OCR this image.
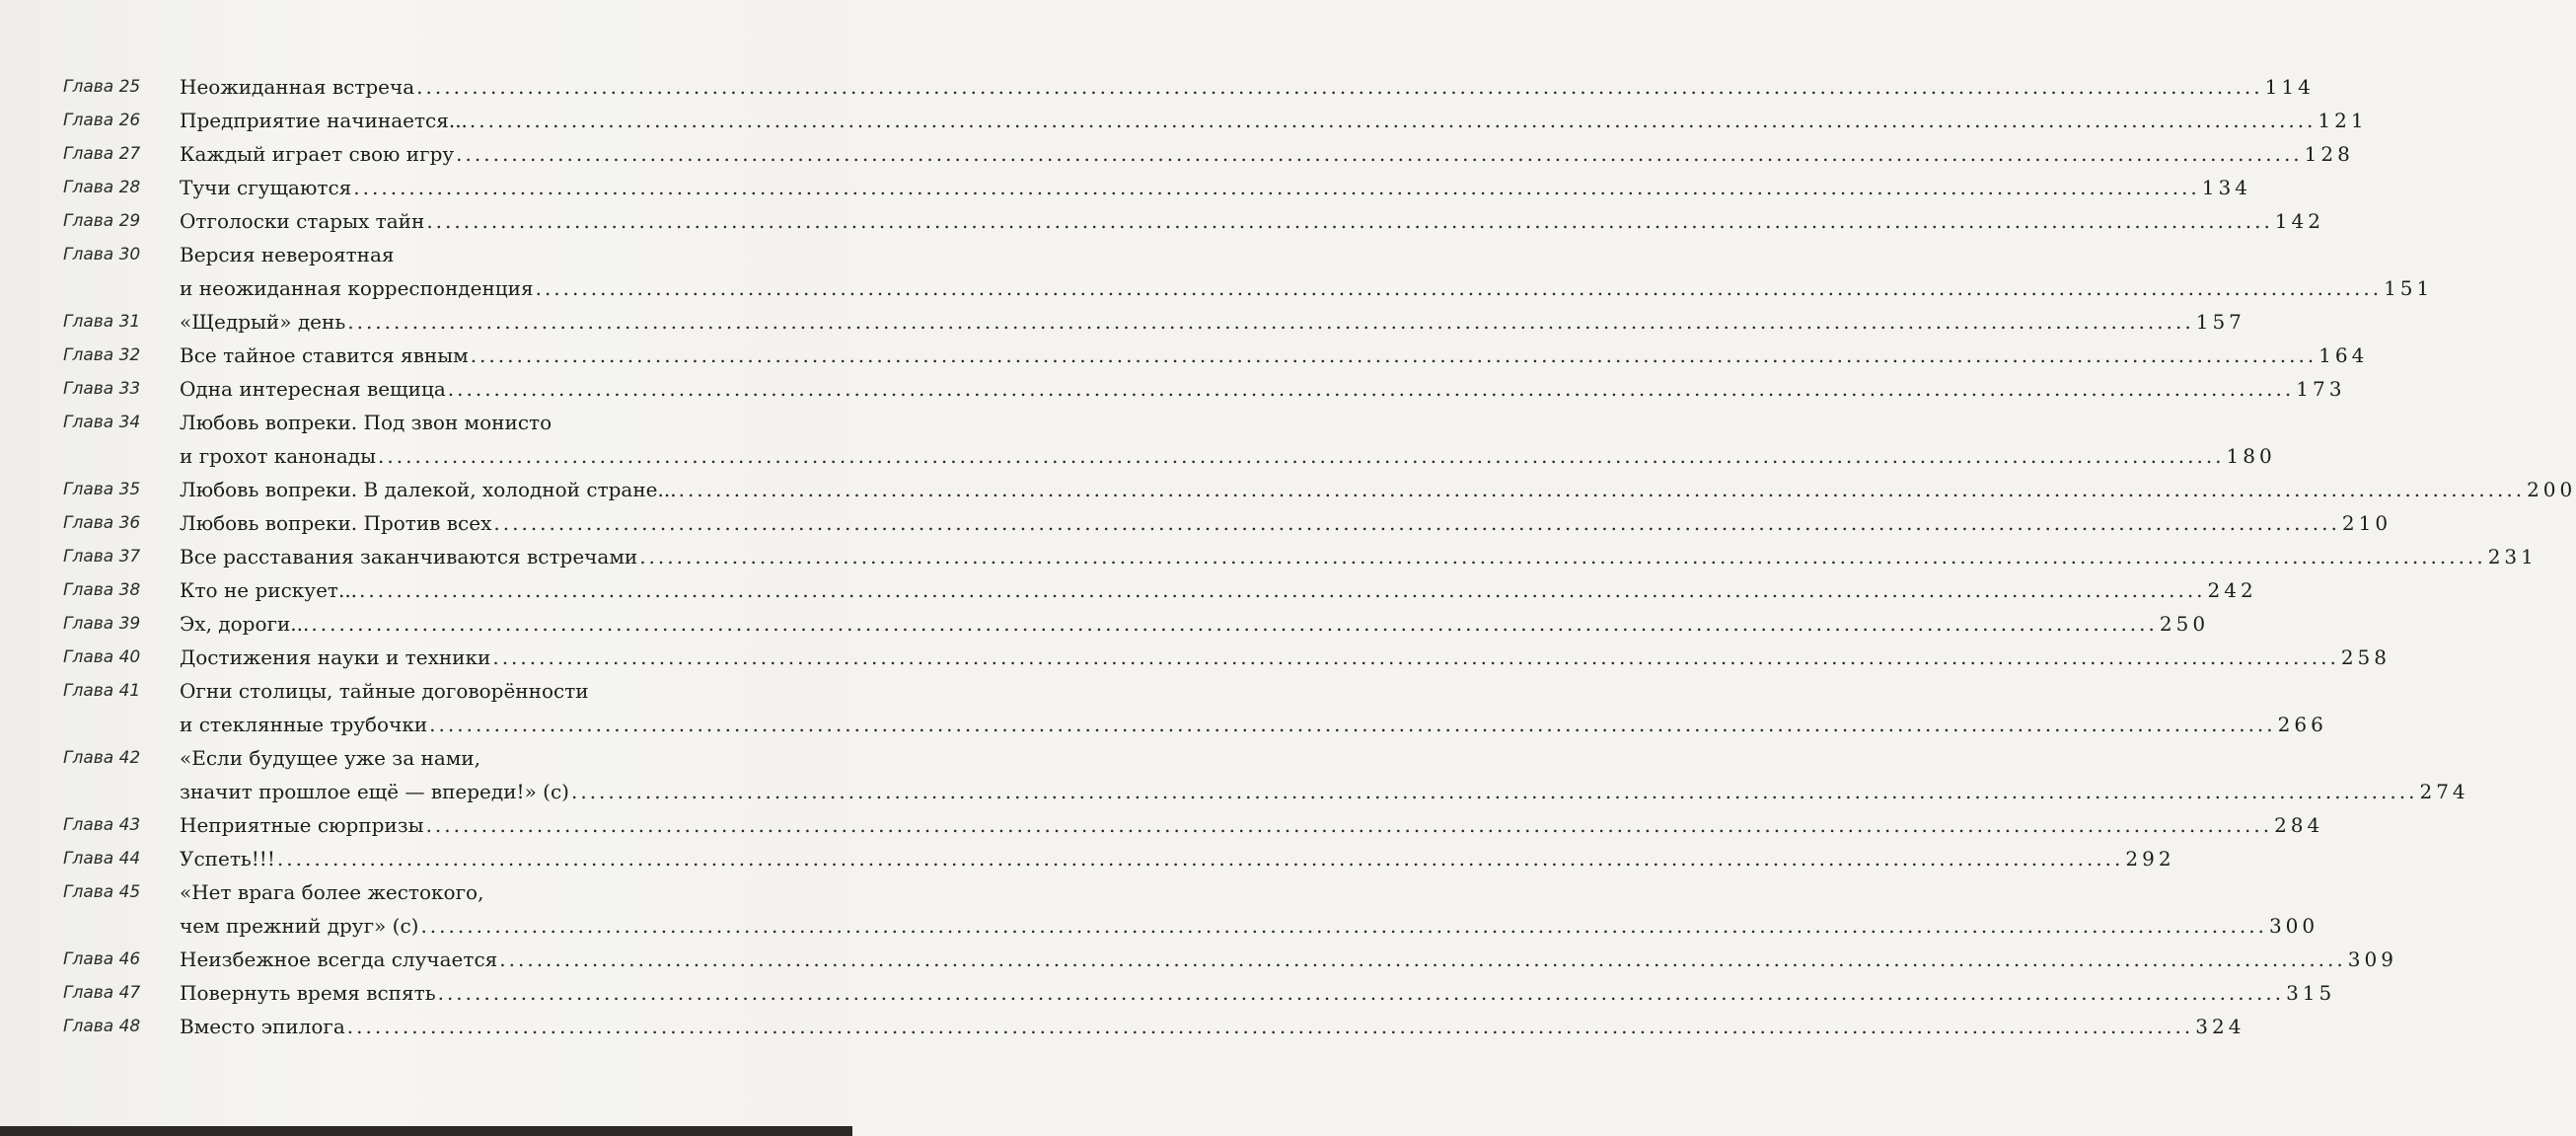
Глава 25 Неожиданная встреча ........................................................................................................................................................................................................ 114
Глава 26 Предприятие начинается... ........................................................................................................................................................................................................ 121
Глава 27 Каждый играет свою игру ........................................................................................................................................................................................................ 128
Глава 28 Тучи сгущаются ........................................................................................................................................................................................................ 134
Глава 29 Отголоски старых тайн ........................................................................................................................................................................................................ 142
Глава 30 Версия невероятная
и неожиданная корреспонденция ........................................................................................................................................................................................................ 151
Глава 31 «Щедрый» день ........................................................................................................................................................................................................ 157
Глава 32 Все тайное ставится явным ........................................................................................................................................................................................................ 164
Глава 33 Одна интересная вещица ........................................................................................................................................................................................................ 173
Глава 34 Любовь вопреки. Под звон монисто
и грохот канонады ........................................................................................................................................................................................................ 180
Глава 35 Любовь вопреки. В далекой, холодной стране... ........................................................................................................................................................................................................ 200
Глава 36 Любовь вопреки. Против всех ........................................................................................................................................................................................................ 210
Глава 37 Все расставания заканчиваются встречами ........................................................................................................................................................................................................ 231
Глава 38 Кто не рискует... ........................................................................................................................................................................................................ 242
Глава 39 Эх, дороги... ........................................................................................................................................................................................................ 250
Глава 40 Достижения науки и техники ........................................................................................................................................................................................................ 258
Глава 41 Огни столицы, тайные договорённости
и стеклянные трубочки ........................................................................................................................................................................................................ 266
Глава 42 «Если будущее уже за нами,
значит прошлое ещё — впереди!» (с) ........................................................................................................................................................................................................ 274
Глава 43 Неприятные сюрпризы ........................................................................................................................................................................................................ 284
Глава 44 Успеть!!! ........................................................................................................................................................................................................ 292
Глава 45 «Нет врага более жестокого,
чем прежний друг» (с) ........................................................................................................................................................................................................ 300
Глава 46 Неизбежное всегда случается ........................................................................................................................................................................................................ 309
Глава 47 Повернуть время вспять ........................................................................................................................................................................................................ 315
Глава 48 Вместо эпилога ........................................................................................................................................................................................................ 324
